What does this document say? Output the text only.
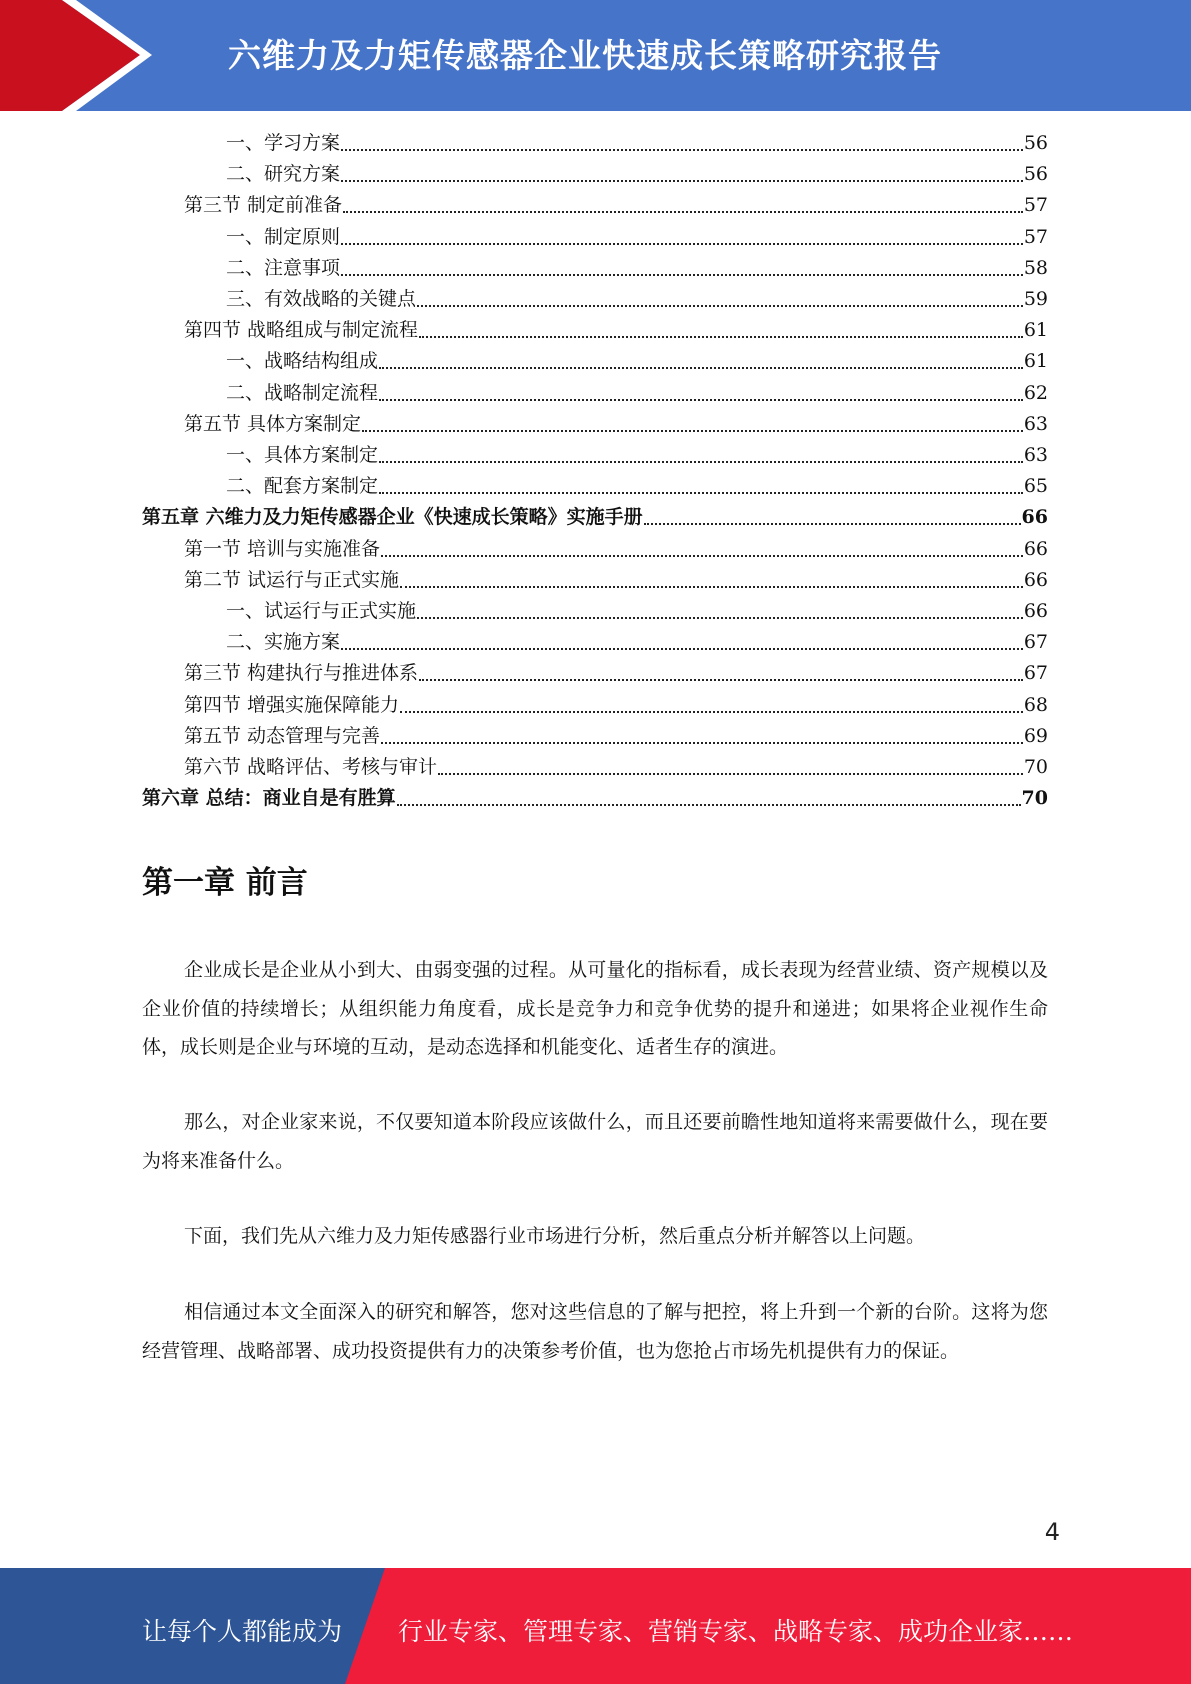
六维力及力矩传感器企业快速成长策略研究报告
一、学习方案	56
二、研究方案	56
第三节 制定前准备	57
一、制定原则	57
二、注意事项	58
三、有效战略的关键点	59
第四节 战略组成与制定流程	61
一、战略结构组成	61
二、战略制定流程	62
第五节 具体方案制定	63
一、具体方案制定	63
二、配套方案制定	65
第五章 六维力及力矩传感器企业《快速成长策略》实施手册	66
第一节 培训与实施准备	66
第二节 试运行与正式实施	66
一、试运行与正式实施	66
二、实施方案	67
第三节 构建执行与推进体系	67
第四节 增强实施保障能力	68
第五节 动态管理与完善	69
第六节 战略评估、考核与审计	70
第六章 总结：商业自是有胜算	70
第一章 前言
企业成长是企业从小到大、由弱变强的过程。从可量化的指标看，成长表现为经营业绩、资产规模以及企业价值的持续增长；从组织能力角度看，成长是竞争力和竞争优势的提升和递进；如果将企业视作生命体，成长则是企业与环境的互动，是动态选择和机能变化、适者生存的演进。
那么，对企业家来说，不仅要知道本阶段应该做什么，而且还要前瞻性地知道将来需要做什么，现在要为将来准备什么。
下面，我们先从六维力及力矩传感器行业市场进行分析，然后重点分析并解答以上问题。
相信通过本文全面深入的研究和解答，您对这些信息的了解与把控，将上升到一个新的台阶。这将为您经营管理、战略部署、成功投资提供有力的决策参考价值，也为您抢占市场先机提供有力的保证。
4
让每个人都能成为 行业专家、管理专家、营销专家、战略专家、成功企业家……
